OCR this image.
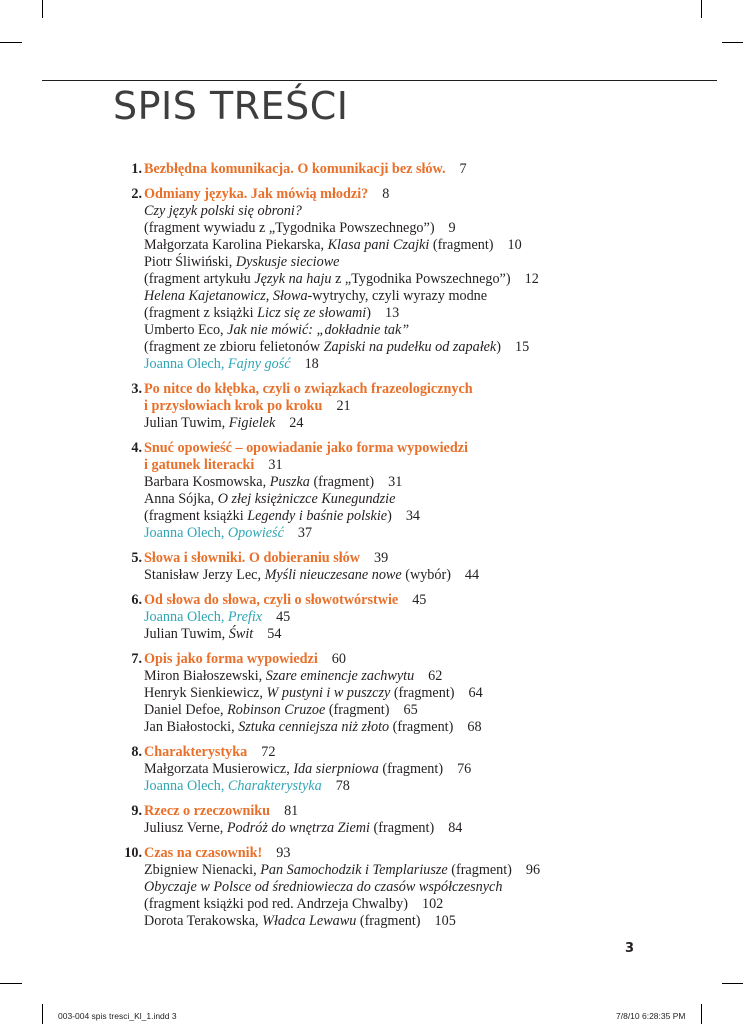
SPIS TREŚCI
1. Bezbłędna komunikacja. O komunikacji bez słów. 7
2. Odmiany języka. Jak mówią młodzi? 8
Czy język polski się obroni?
(fragment wywiadu z „Tygodnika Powszechnego”) 9
Małgorzata Karolina Piekarska, Klasa pani Czajki (fragment) 10
Piotr Śliwiński, Dyskusje sieciowe
(fragment artykułu Język na haju z „Tygodnika Powszechnego”) 12
Helena Kajetanowicz, Słowa-wytrychy, czyli wyrazy modne
(fragment z książki Licz się ze słowami) 13
Umberto Eco, Jak nie mówić: „dokładnie tak”
(fragment ze zbioru felietonów Zapiski na pudełku od zapałek) 15
Joanna Olech, Fajny gość 18
3. Po nitce do kłębka, czyli o związkach frazeologicznych
i przysłowiach krok po kroku 21
Julian Tuwim, Figielek 24
4. Snuć opowieść – opowiadanie jako forma wypowiedzi
i gatunek literacki 31
Barbara Kosmowska, Puszka (fragment) 31
Anna Sójka, O złej księżniczce Kunegundzie
(fragment książki Legendy i baśnie polskie) 34
Joanna Olech, Opowieść 37
5. Słowa i słowniki. O dobieraniu słów 39
Stanisław Jerzy Lec, Myśli nieuczesane nowe (wybór) 44
6. Od słowa do słowa, czyli o słowotwórstwie 45
Joanna Olech, Prefix 45
Julian Tuwim, Świt 54
7. Opis jako forma wypowiedzi 60
Miron Białoszewski, Szare eminencje zachwytu 62
Henryk Sienkiewicz, W pustyni i w puszczy (fragment) 64
Daniel Defoe, Robinson Cruzoe (fragment) 65
Jan Białostocki, Sztuka cenniejsza niż złoto (fragment) 68
8. Charakterystyka 72
Małgorzata Musierowicz, Ida sierpniowa (fragment) 76
Joanna Olech, Charakterystyka 78
9. Rzecz o rzeczowniku 81
Juliusz Verne, Podróż do wnętrza Ziemi (fragment) 84
10. Czas na czasownik! 93
Zbigniew Nienacki, Pan Samochodzik i Templariusze (fragment) 96
Obyczaje w Polsce od średniowiecza do czasów współczesnych
(fragment książki pod red. Andrzeja Chwalby) 102
Dorota Terakowska, Władca Lewawu (fragment) 105
3
003-004 spis tresci_Kl_1.indd 3	7/8/10 6:28:35 PM
